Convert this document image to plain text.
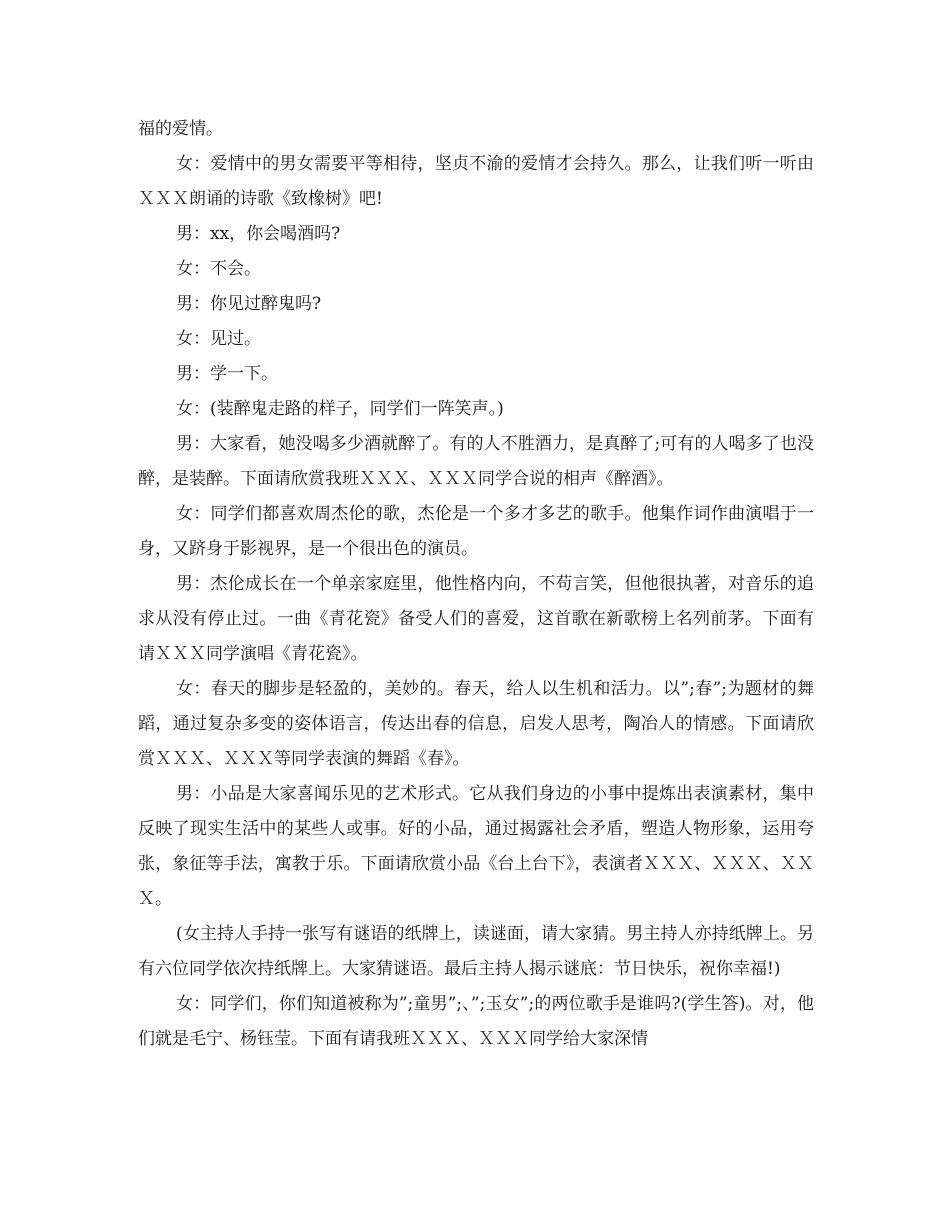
福的爱情。

女：爱情中的男女需要平等相待，坚贞不渝的爱情才会持久。那么，让我们听一听由ＸＸＸ朗诵的诗歌《致橡树》吧!

男：xx，你会喝酒吗?

女：不会。

男：你见过醉鬼吗?

女：见过。

男：学一下。

女：(装醉鬼走路的样子，同学们一阵笑声。)

男：大家看，她没喝多少酒就醉了。有的人不胜酒力，是真醉了;可有的人喝多了也没醉，是装醉。下面请欣赏我班ＸＸＸ、ＸＸＸ同学合说的相声《醉酒》。

女：同学们都喜欢周杰伦的歌，杰伦是一个多才多艺的歌手。他集作词作曲演唱于一身，又跻身于影视界，是一个很出色的演员。

男：杰伦成长在一个单亲家庭里，他性格内向，不苟言笑，但他很执著，对音乐的追求从没有停止过。一曲《青花瓷》备受人们的喜爱，这首歌在新歌榜上名列前茅。下面有请ＸＸＸ同学演唱《青花瓷》。

女：春天的脚步是轻盈的，美妙的。春天，给人以生机和活力。以”;春”;为题材的舞蹈，通过复杂多变的姿体语言，传达出春的信息，启发人思考，陶冶人的情感。下面请欣赏ＸＸＸ、ＸＸＸ等同学表演的舞蹈《春》。

男：小品是大家喜闻乐见的艺术形式。它从我们身边的小事中提炼出表演素材，集中反映了现实生活中的某些人或事。好的小品，通过揭露社会矛盾，塑造人物形象，运用夸张，象征等手法，寓教于乐。下面请欣赏小品《台上台下》，表演者ＸＸＸ、ＸＸＸ、ＸＸＸ。

(女主持人手持一张写有谜语的纸牌上，读谜面，请大家猜。男主持人亦持纸牌上。另有六位同学依次持纸牌上。大家猜谜语。最后主持人揭示谜底：节日快乐，祝你幸福!)

女：同学们，你们知道被称为”;童男”;、”;玉女”;的两位歌手是谁吗?(学生答)。对，他们就是毛宁、杨钰莹。下面有请我班ＸＸＸ、ＸＸＸ同学给大家深情
